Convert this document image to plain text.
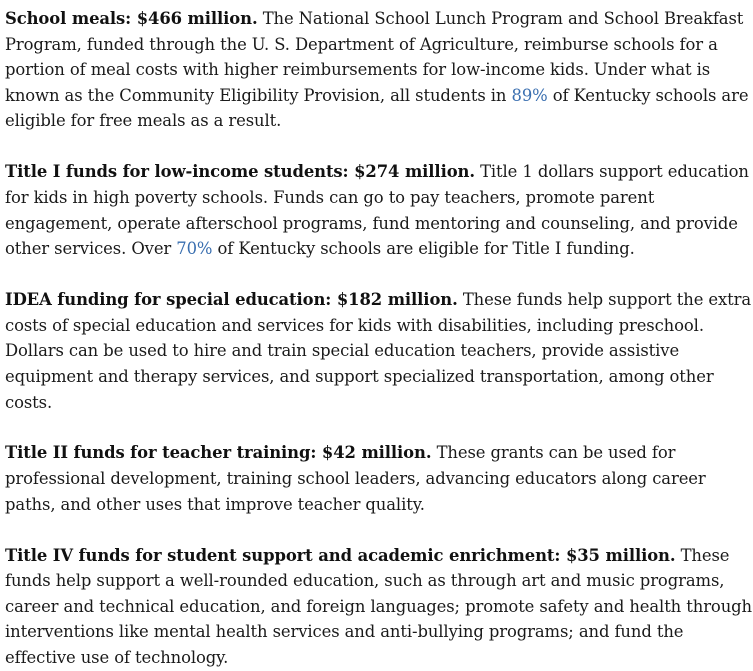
School meals: $466 million. The National School Lunch Program and School Breakfast Program, funded through the U. S. Department of Agriculture, reimburse schools for a portion of meal costs with higher reimbursements for low-income kids. Under what is known as the Community Eligibility Provision, all students in 89% of Kentucky schools are eligible for free meals as a result.

Title I funds for low-income students: $274 million. Title 1 dollars support education for kids in high poverty schools. Funds can go to pay teachers, promote parent engagement, operate afterschool programs, fund mentoring and counseling, and provide other services. Over 70% of Kentucky schools are eligible for Title I funding.

IDEA funding for special education: $182 million. These funds help support the extra costs of special education and services for kids with disabilities, including preschool. Dollars can be used to hire and train special education teachers, provide assistive equipment and therapy services, and support specialized transportation, among other costs.

Title II funds for teacher training: $42 million. These grants can be used for professional development, training school leaders, advancing educators along career paths, and other uses that improve teacher quality.

Title IV funds for student support and academic enrichment: $35 million. These funds help support a well-rounded education, such as through art and music programs, career and technical education, and foreign languages; promote safety and health through interventions like mental health services and anti-bullying programs; and fund the effective use of technology.
